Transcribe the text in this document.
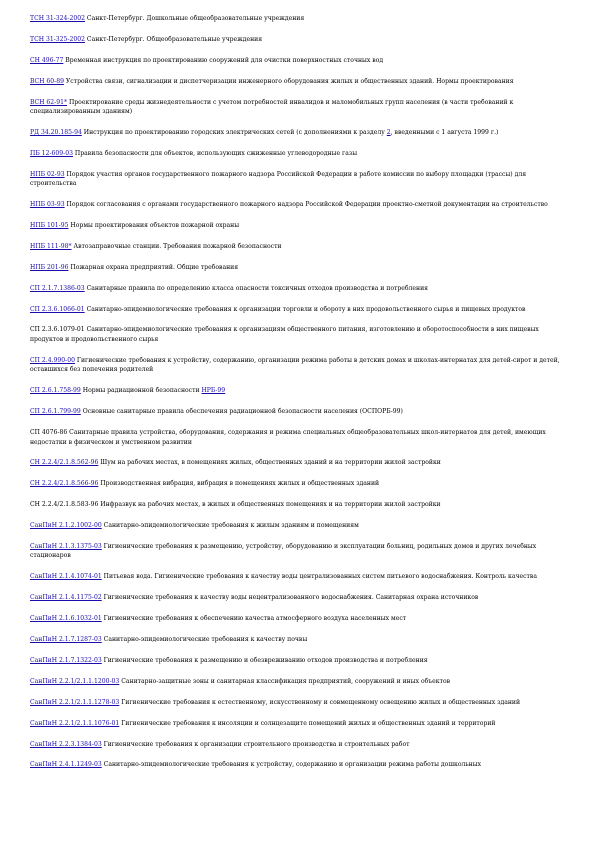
ТСН 31-324-2002 Санкт-Петербург. Дошкольные общеобразовательные учреждения
ТСН 31-325-2002 Санкт-Петербург. Общеобразовательные учреждения
СН 496-77 Временная инструкция по проектированию сооружений для очистки поверхностных сточных вод
ВСН 60-89 Устройства связи, сигнализации и диспетчеризации инженерного оборудования жилых и общественных зданий. Нормы проектирования
ВСН 62-91* Проектирование среды жизнедеятельности с учетом потребностей инвалидов и маломобильных групп населения (в части требований к специализированным зданиям)
РД 34.20.185-94 Инструкция по проектированию городских электрических сетей (с дополнениями к разделу 2, введенными с 1 августа 1999 г.)
ПБ 12-609-03 Правила безопасности для объектов, использующих сжиженные углеводородные газы
НПБ 02-93 Порядок участия органов государственного пожарного надзора Российской Федерации в работе комиссии по выбору площадки (трассы) для строительства
НПБ 03-93 Порядок согласования с органами государственного пожарного надзора Российской Федерации проектно-сметной документации на строительство
НПБ 101-95 Нормы проектирования объектов пожарной охраны
НПБ 111-98* Автозаправочные станции. Требования пожарной безопасности
НПБ 201-96 Пожарная охрана предприятий. Общие требования
СП 2.1.7.1386-03 Санитарные правила по определению класса опасности токсичных отходов производства и потребления
СП 2.3.6.1066-01 Санитарно-эпидемиологические требования к организации торговли и обороту в них продовольственного сырья и пищевых продуктов
СП 2.3.6.1079-01 Санитарно-эпидемиологические требования к организациям общественного питания, изготовлению и оборотоспособности в них пищевых продуктов и продовольственного сырья
СП 2.4.990-00 Гигиенические требования к устройству, содержанию, организации режима работы в детских домах и школах-интернатах для детей-сирот и детей, оставшихся без попечения родителей
СП 2.6.1.758-99 Нормы радиационной безопасности НРБ-99
СП 2.6.1.799-99 Основные санитарные правила обеспечения радиационной безопасности населения (ОСПОРБ-99)
СП 4076-86 Санитарные правила устройства, оборудования, содержания и режима специальных общеобразовательных школ-интернатов для детей, имеющих недостатки в физическом и умственном развитии
СН 2.2.4/2.1.8.562-96 Шум на рабочих местах, в помещениях жилых, общественных зданий и на территории жилой застройки
СН 2.2.4/2.1.8.566-96 Производственная вибрация, вибрация в помещениях жилых и общественных зданий
СН 2.2.4/2.1.8.583-96 Инфразвук на рабочих местах, в жилых и общественных помещениях и на территории жилой застройки
СанПиН 2.1.2.1002-00 Санитарно-эпидемиологические требования к жилым зданиям и помещениям
СанПиН 2.1.3.1375-03 Гигиенические требования к размещению, устройству, оборудованию и эксплуатации больниц, родильных домов и других лечебных стационаров
СанПиН 2.1.4.1074-01 Питьевая вода. Гигиенические требования к качеству воды централизованных систем питьевого водоснабжения. Контроль качества
СанПиН 2.1.4.1175-02 Гигиенические требования к качеству воды нецентрализованного водоснабжения. Санитарная охрана источников
СанПиН 2.1.6.1032-01 Гигиенические требования к обеспечению качества атмосферного воздуха населенных мест
СанПиН 2.1.7.1287-03 Санитарно-эпидемиологические требования к качеству почвы
СанПиН 2.1.7.1322-03 Гигиенические требования к размещению и обезвреживанию отходов производства и потребления
СанПиН 2.2.1/2.1.1.1200-03 Санитарно-защитные зоны и санитарная классификация предприятий, сооружений и иных объектов
СанПиН 2.2.1/2.1.1.1278-03 Гигиенические требования к естественному, искусственному и совмещенному освещению жилых и общественных зданий
СанПиН 2.2.1/2.1.1.1076-01 Гигиенические требования к инсоляции и солнцезащите помещений жилых и общественных зданий и территорий
СанПиН 2.2.3.1384-03 Гигиенические требования к организации строительного производства и строительных работ
СанПиН 2.4.1.1249-03 Санитарно-эпидемиологические требования к устройству, содержанию и организации режима работы дошкольных
